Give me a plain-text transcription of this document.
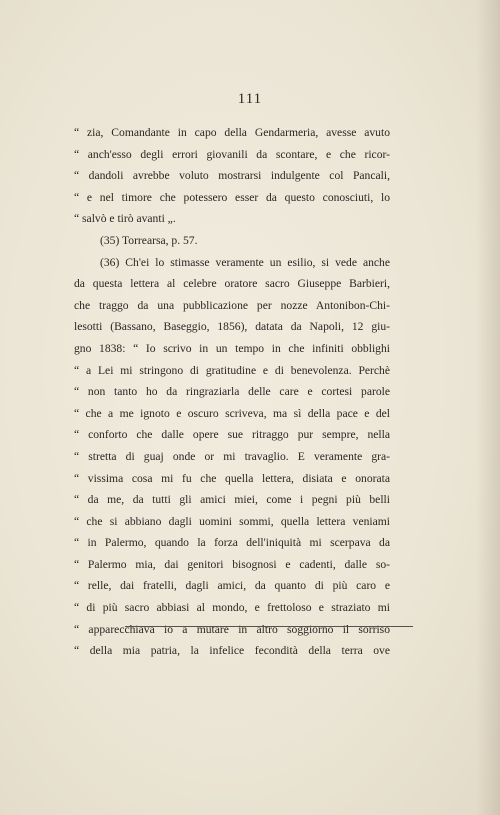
111
“ zia, Comandante in capo della Gendarmeria, avesse avuto
“ anch'esso degli errori giovanili da scontare, e che ricor-
“ dandoli avrebbe voluto mostrarsi indulgente col Pancali,
“ e nel timore che potessero esser da questo conosciuti, lo
“ salvò e tirò avanti „.
(35) Torrearsa, p. 57.
(36) Ch'ei lo stimasse veramente un esilio, si vede anche
da questa lettera al celebre oratore sacro Giuseppe Barbieri,
che traggo da una pubblicazione per nozze Antonibon-Chi-
lesotti (Bassano, Baseggio, 1856), datata da Napoli, 12 giu-
gno 1838: “ Io scrivo in un tempo in che infiniti obblighi
“ a Lei mi stringono di gratitudine e di benevolenza. Perchè
“ non tanto ho da ringraziarla delle care e cortesi parole
“ che a me ignoto e oscuro scriveva, ma sì della pace e del
“ conforto che dalle opere sue ritraggo pur sempre, nella
“ stretta di guaj onde or mi travaglio. E veramente gra-
“ vissima cosa mi fu che quella lettera, disiata e onorata
“ da me, da tutti gli amici miei, come i pegni più belli
“ che si abbiano dagli uomini sommi, quella lettera veniami
“ in Palermo, quando la forza dell'iniquità mi scerpava da
“ Palermo mia, dai genitori bisognosi e cadenti, dalle so-
“ relle, dai fratelli, dagli amici, da quanto di più caro e
“ di più sacro abbiasi al mondo, e frettoloso e straziato mi
“ apparecchiava io a mutare in altro soggiorno il sorriso
“ della mia patria, la infelice fecondità della terra ove
